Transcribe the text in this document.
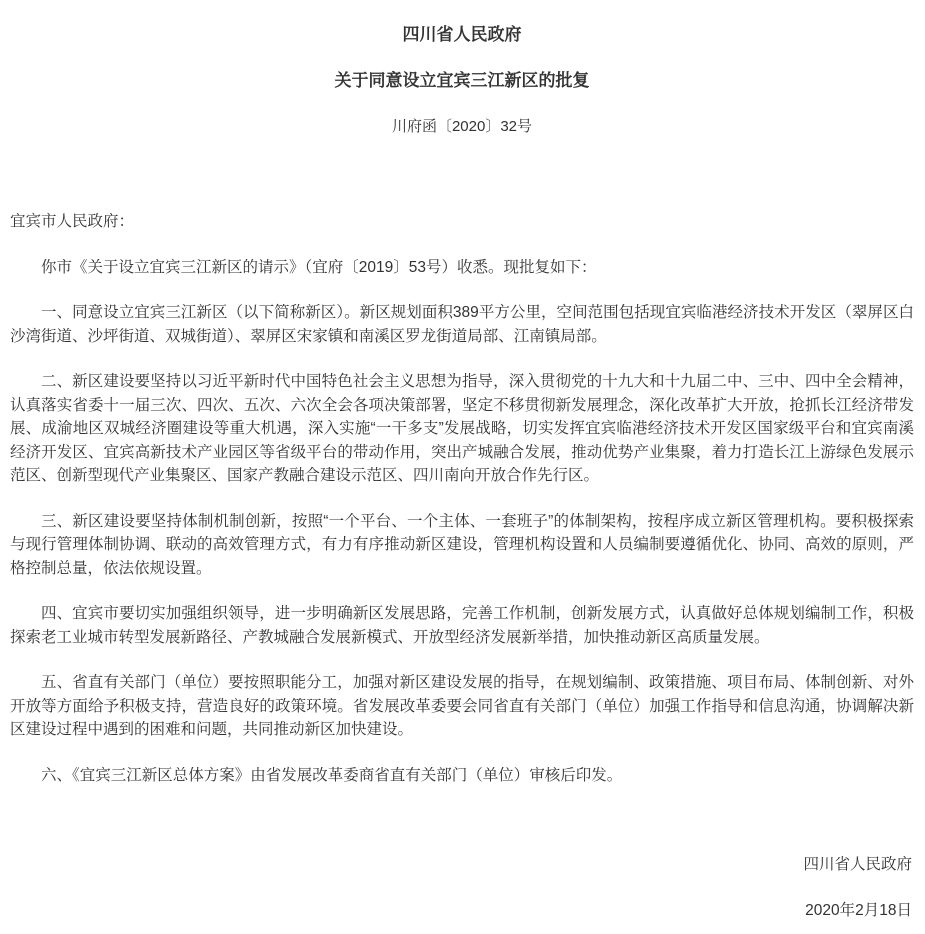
四川省人民政府
关于同意设立宜宾三江新区的批复
川府函〔2020〕32号

宜宾市人民政府：

你市《关于设立宜宾三江新区的请示》（宜府〔2019〕53号）收悉。现批复如下：

一、同意设立宜宾三江新区（以下简称新区）。新区规划面积389平方公里，空间范围包括现宜宾临港经济技术开发区（翠屏区白沙湾街道、沙坪街道、双城街道）、翠屏区宋家镇和南溪区罗龙街道局部、江南镇局部。

二、新区建设要坚持以习近平新时代中国特色社会主义思想为指导，深入贯彻党的十九大和十九届二中、三中、四中全会精神，认真落实省委十一届三次、四次、五次、六次全会各项决策部署，坚定不移贯彻新发展理念，深化改革扩大开放，抢抓长江经济带发展、成渝地区双城经济圈建设等重大机遇，深入实施“一干多支”发展战略，切实发挥宜宾临港经济技术开发区国家级平台和宜宾南溪经济开发区、宜宾高新技术产业园区等省级平台的带动作用，突出产城融合发展，推动优势产业集聚，着力打造长江上游绿色发展示范区、创新型现代产业集聚区、国家产教融合建设示范区、四川南向开放合作先行区。

三、新区建设要坚持体制机制创新，按照“一个平台、一个主体、一套班子”的体制架构，按程序成立新区管理机构。要积极探索与现行管理体制协调、联动的高效管理方式，有力有序推动新区建设，管理机构设置和人员编制要遵循优化、协同、高效的原则，严格控制总量，依法依规设置。

四、宜宾市要切实加强组织领导，进一步明确新区发展思路，完善工作机制，创新发展方式，认真做好总体规划编制工作，积极探索老工业城市转型发展新路径、产教城融合发展新模式、开放型经济发展新举措，加快推动新区高质量发展。

五、省直有关部门（单位）要按照职能分工，加强对新区建设发展的指导，在规划编制、政策措施、项目布局、体制创新、对外开放等方面给予积极支持，营造良好的政策环境。省发展改革委要会同省直有关部门（单位）加强工作指导和信息沟通，协调解决新区建设过程中遇到的困难和问题，共同推动新区加快建设。

六、《宜宾三江新区总体方案》由省发展改革委商省直有关部门（单位）审核后印发。

四川省人民政府

2020年2月18日
